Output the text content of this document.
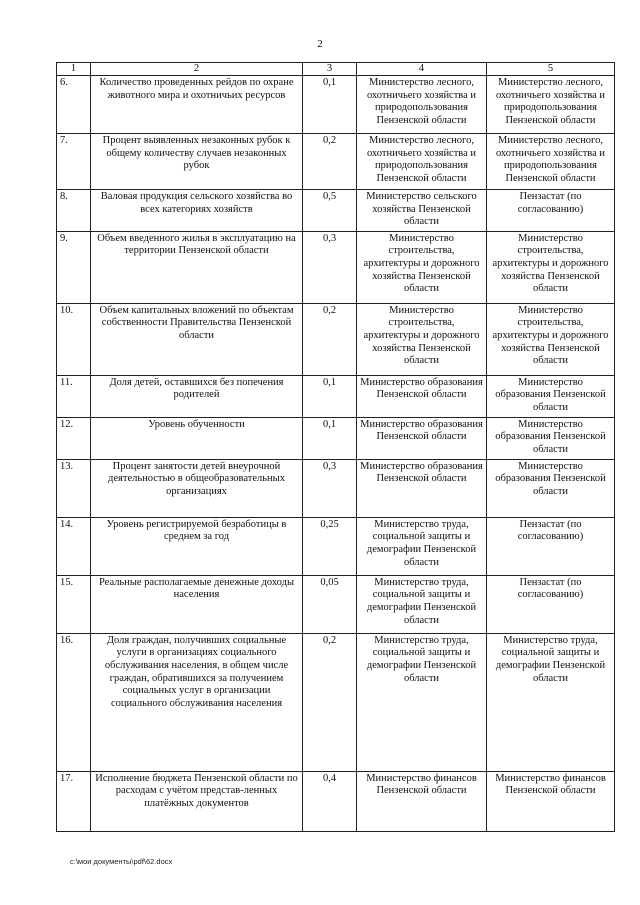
2
1	2	3	4	5
6.	Количество проведенных рейдов по охране животного мира и охотничьих ресурсов	0,1	Министерство лесного, охотничьего хозяйства и природопользования Пензенской области	Министерство лесного, охотничьего хозяйства и природопользования Пензенской области
7.	Процент выявленных незаконных рубок к общему количеству случаев незаконных рубок	0,2	Министерство лесного, охотничьего хозяйства и природопользования Пензенской области	Министерство лесного, охотничьего хозяйства и природопользования Пензенской области
8.	Валовая продукция сельского хозяйства во всех категориях хозяйств	0,5	Министерство сельского хозяйства Пензенской области	Пензастат (по согласованию)
9.	Объем введенного жилья в эксплуатацию на территории Пензенской области	0,3	Министерство строительства, архитектуры и дорожного хозяйства Пензенской области	Министерство строительства, архитектуры и дорожного хозяйства Пензенской области
10.	Объем капитальных вложений по объектам собственности Правительства Пензенской области	0,2	Министерство строительства, архитектуры и дорожного хозяйства Пензенской области	Министерство строительства, архитектуры и дорожного хозяйства Пензенской области
11.	Доля детей, оставшихся без попечения родителей	0,1	Министерство образования Пензенской области	Министерство образования Пензенской области
12.	Уровень обученности	0,1	Министерство образования Пензенской области	Министерство образования Пензенской области
13.	Процент занятости детей внеурочной деятельностью в общеобразовательных организациях	0,3	Министерство образования Пензенской области	Министерство образования Пензенской области
14.	Уровень регистрируемой безработицы в среднем за год	0,25	Министерство труда, социальной защиты и демографии Пензенской области	Пензастат (по согласованию)
15.	Реальные располагаемые денежные доходы населения	0,05	Министерство труда, социальной защиты и демографии Пензенской области	Пензастат (по согласованию)
16.	Доля граждан, получивших социальные услуги в организациях социального обслуживания населения, в общем числе граждан, обратившихся за получением социальных услуг в организации социального обслуживания населения	0,2	Министерство труда, социальной защиты и демографии Пензенской области	Министерство труда, социальной защиты и демографии Пензенской области
17.	Исполнение бюджета Пензенской области по расходам с учётом представ-ленных платёжных документов	0,4	Министерство финансов Пензенской области	Министерство финансов Пензенской области
c:\мои документы\pdf\62.docx
